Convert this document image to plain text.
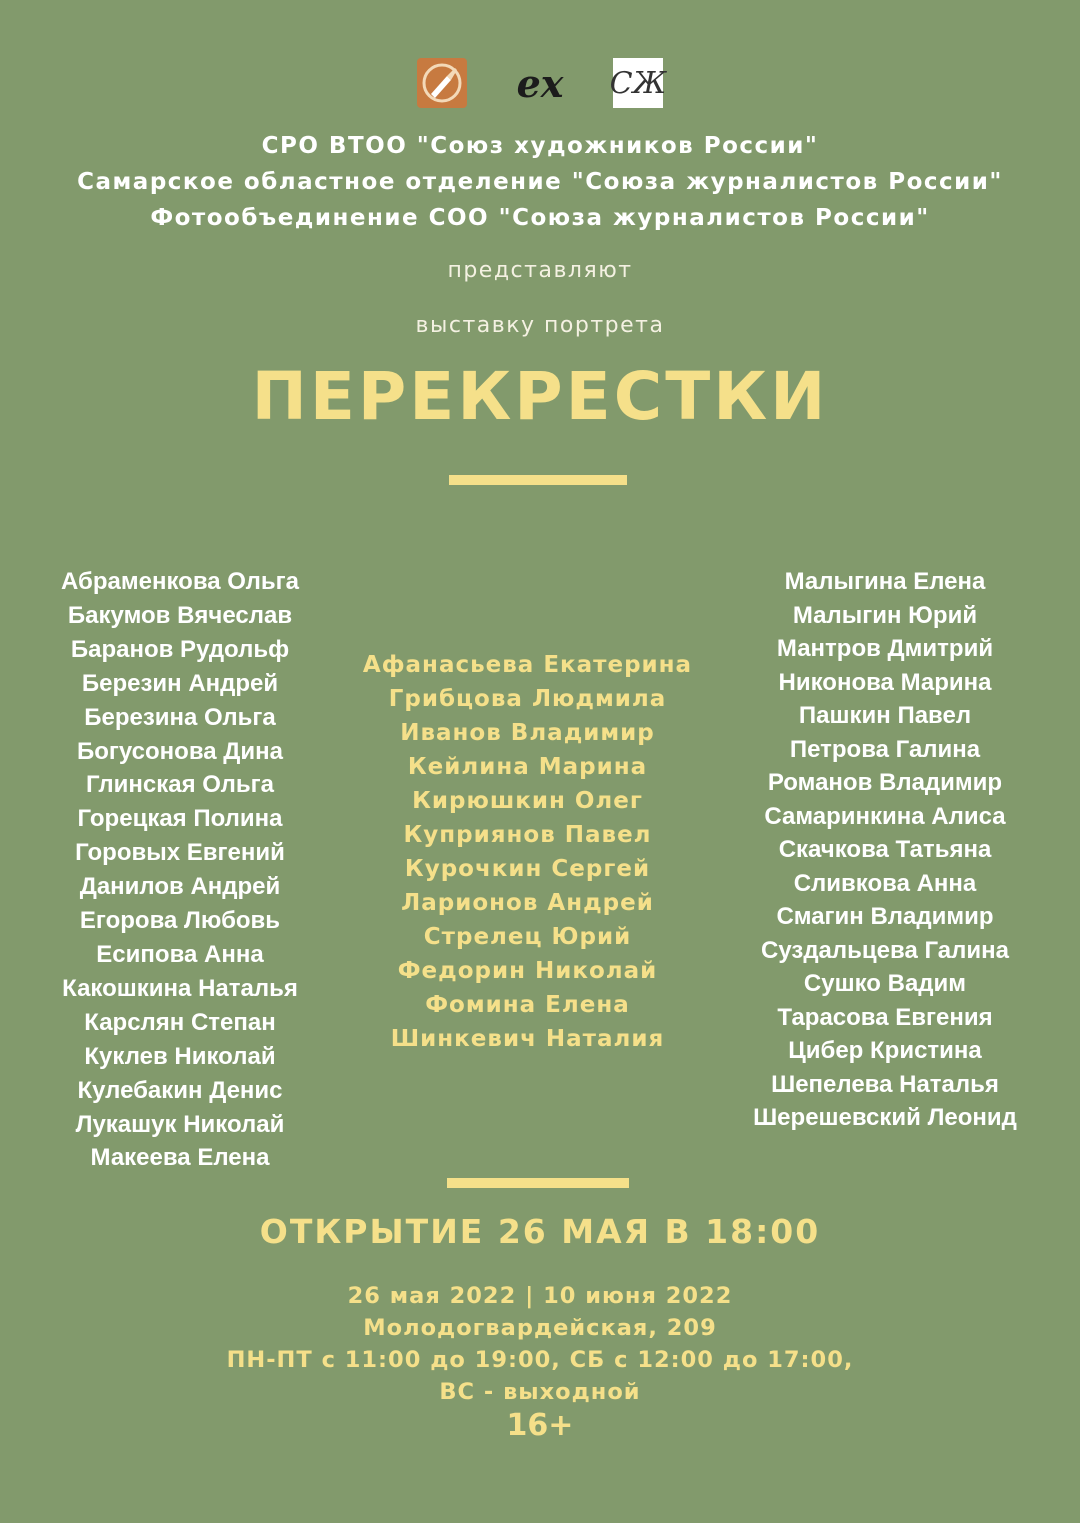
ex СЖ
СРО ВТОО "Союз художников России"
Самарское областное отделение "Союза журналистов России"
Фотообъединение СОО "Союза журналистов России"
представляют
выставку портрета
ПЕРЕКРЕСТКИ
Абраменкова Ольга
Бакумов Вячеслав
Баранов Рудольф
Березин Андрей
Березина Ольга
Богусонова Дина
Глинская Ольга
Горецкая Полина
Горовых Евгений
Данилов Андрей
Егорова Любовь
Есипова Анна
Какошкина Наталья
Карслян Степан
Куклев Николай
Кулебакин Денис
Лукашук Николай
Макеева Елена
Афанасьева Екатерина
Грибцова Людмила
Иванов Владимир
Кейлина Марина
Кирюшкин Олег
Куприянов Павел
Курочкин Сергей
Ларионов Андрей
Стрелец Юрий
Федорин Николай
Фомина Елена
Шинкевич Наталия
Малыгина Елена
Малыгин Юрий
Мантров Дмитрий
Никонова Марина
Пашкин Павел
Петрова Галина
Романов Владимир
Самаринкина Алиса
Скачкова Татьяна
Сливкова Анна
Смагин Владимир
Суздальцева Галина
Сушко Вадим
Тарасова Евгения
Цибер Кристина
Шепелева Наталья
Шерешевский Леонид
ОТКРЫТИЕ 26 МАЯ В 18:00
26 мая 2022 | 10 июня 2022
Молодогвардейская, 209
ПН-ПТ с 11:00 до 19:00, СБ с 12:00 до 17:00,
ВС - выходной
16+
